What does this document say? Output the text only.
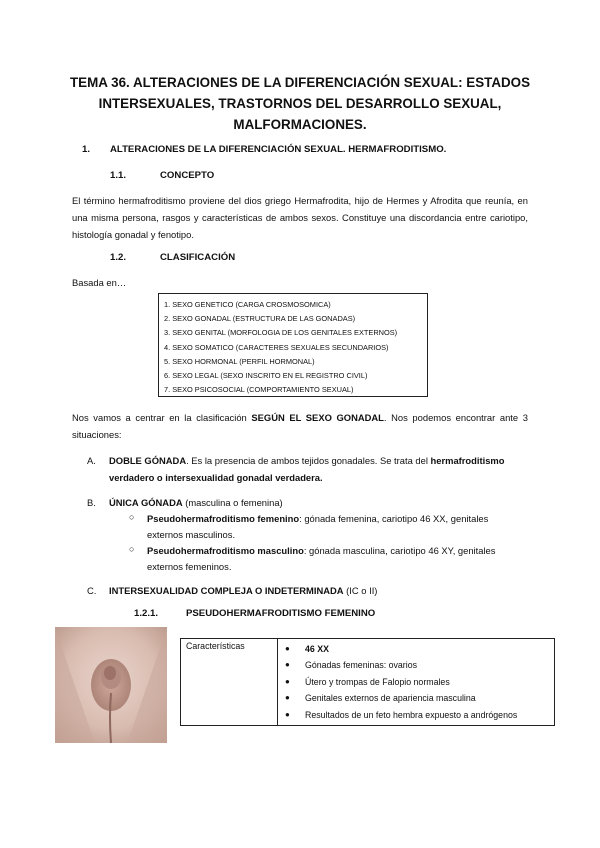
TEMA 36. ALTERACIONES DE LA DIFERENCIACIÓN SEXUAL: ESTADOS
INTERSEXUALES, TRASTORNOS DEL DESARROLLO SEXUAL,
MALFORMACIONES.
1. ALTERACIONES DE LA DIFERENCIACIÓN SEXUAL. HERMAFRODITISMO.
1.1.	CONCEPTO
El término hermafroditismo proviene del dios griego Hermafrodita, hijo de Hermes y Afrodita que reunía, en una misma persona, rasgos y características de ambos sexos. Constituye una discordancia entre cariotipo, histología gonadal y fenotipo.
1.2.	CLASIFICACIÓN
Basada en…
1. SEXO GENETICO (CARGA CROSMOSOMICA)
2. SEXO GONADAL (ESTRUCTURA DE LAS GONADAS)
3. SEXO GENITAL (MORFOLOGIA DE LOS GENITALES EXTERNOS)
4. SEXO SOMATICO (CARACTERES SEXUALES SECUNDARIOS)
5. SEXO HORMONAL (PERFIL HORMONAL)
6. SEXO LEGAL (SEXO INSCRITO EN EL REGISTRO CIVIL)
7. SEXO PSICOSOCIAL (COMPORTAMIENTO SEXUAL)
Nos vamos a centrar en la clasificación SEGÚN EL SEXO GONADAL. Nos podemos encontrar ante 3 situaciones:
A. DOBLE GÓNADA. Es la presencia de ambos tejidos gonadales. Se trata del hermafroditismo
verdadero o intersexualidad gonadal verdadera.
B. ÚNICA GÓNADA (masculina o femenina)
○ Pseudohermafroditismo femenino: gónada femenina, cariotipo 46 XX, genitales
externos masculinos.
○ Pseudohermafroditismo masculino: gónada masculina, cariotipo 46 XY, genitales
externos femeninos.
C. INTERSEXUALIDAD COMPLEJA O INDETERMINADA (IC o II)
1.2.1.	PSEUDOHERMAFRODITISMO FEMENINO
Características	
●46 XX
● Gónadas femeninas: ovarios
● Útero y trompas de Falopio normales
● Genitales externos de apariencia masculina
● Resultados de un feto hembra expuesto a andrógenos
